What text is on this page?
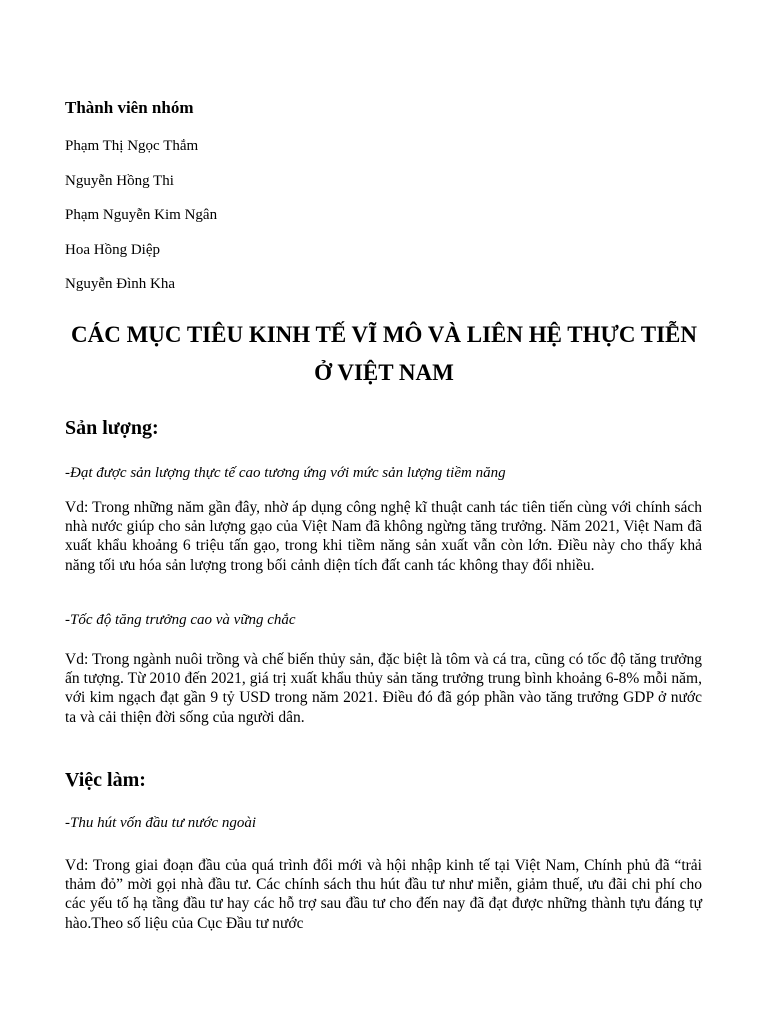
Thành viên nhóm

Phạm Thị Ngọc Thắm

Nguyễn Hồng Thi

Phạm Nguyễn Kim Ngân

Hoa Hồng Diệp

Nguyễn Đình Kha

CÁC MỤC TIÊU KINH TẾ VĨ MÔ VÀ LIÊN HỆ THỰC TIỄN Ở VIỆT NAM
Sản lượng:

-Đạt được sản lượng thực tế cao tương ứng với mức sản lượng tiềm năng

Vd: Trong những năm gần đây, nhờ áp dụng công nghệ kĩ thuật canh tác tiên tiến cùng với chính sách nhà nước giúp cho sản lượng gạo của Việt Nam đã không ngừng tăng trưởng. Năm 2021, Việt Nam đã xuất khẩu khoảng 6 triệu tấn gạo, trong khi tiềm năng sản xuất vẫn còn lớn. Điều này cho thấy khả năng tối ưu hóa sản lượng trong bối cảnh diện tích đất canh tác không thay đổi nhiều.

-Tốc độ tăng trưởng cao và vững chắc

Vd: Trong ngành nuôi trồng và chế biến thủy sản, đặc biệt là tôm và cá tra, cũng có tốc độ tăng trưởng ấn tượng. Từ 2010 đến 2021, giá trị xuất khẩu thủy sản tăng trưởng trung bình khoảng 6-8% mỗi năm, với kim ngạch đạt gần 9 tỷ USD trong năm 2021. Điều đó đã góp phần vào tăng trưởng GDP ở nước ta và cải thiện đời sống của người dân.

Việc làm:

-Thu hút vốn đầu tư nước ngoài

Vd: Trong giai đoạn đầu của quá trình đổi mới và hội nhập kinh tế tại Việt Nam, Chính phủ đã “trải thảm đỏ” mời gọi nhà đầu tư. Các chính sách thu hút đầu tư như miễn, giảm thuế, ưu đãi chi phí cho các yếu tố hạ tầng đầu tư hay các hỗ trợ sau đầu tư cho đến nay đã đạt được những thành tựu đáng tự hào.Theo số liệu của Cục Đầu tư nước
